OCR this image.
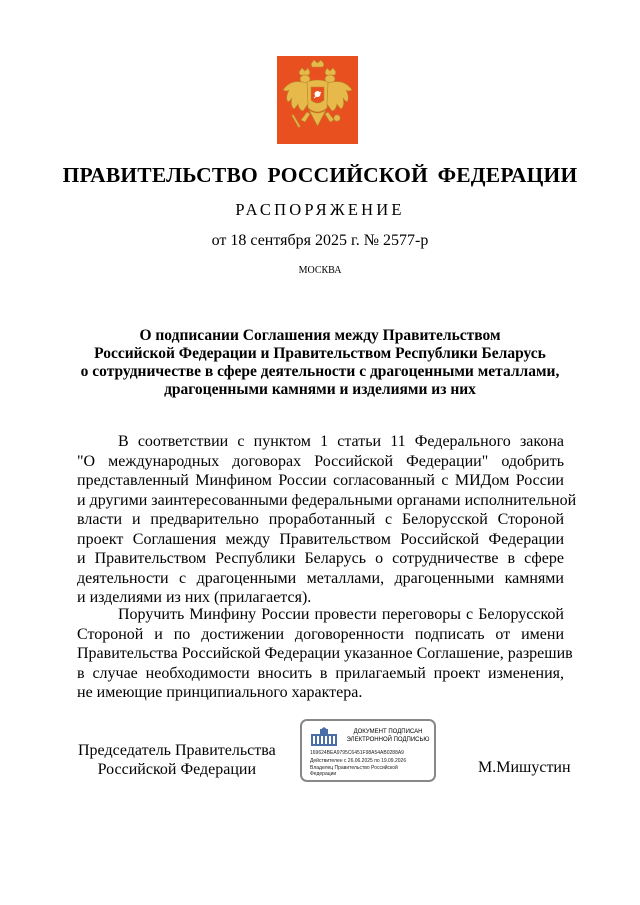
ПРАВИТЕЛЬСТВО РОССИЙСКОЙ ФЕДЕРАЦИИ
РАСПОРЯЖЕНИЕ
от 18 сентября 2025 г. № 2577-р
МОСКВА
О подписании Соглашения между Правительством
Российской Федерации и Правительством Республики Беларусь
о сотрудничестве в сфере деятельности с драгоценными металлами,
драгоценными камнями и изделиями из них
В соответствии с пунктом 1 статьи 11 Федерального закона
"О международных договорах Российской Федерации" одобрить
представленный Минфином России согласованный с МИДом России
и другими заинтересованными федеральными органами исполнительной
власти и предварительно проработанный с Белорусской Стороной
проект Соглашения между Правительством Российской Федерации
и Правительством Республики Беларусь о сотрудничестве в сфере
деятельности с драгоценными металлами, драгоценными камнями
и изделиями из них (прилагается).
Поручить Минфину России провести переговоры с Белорусской
Стороной и по достижении договоренности подписать от имени
Правительства Российской Федерации указанное Соглашение, разрешив
в случае необходимости вносить в прилагаемый проект изменения,
не имеющие принципиального характера.
Председатель Правительства
Российской Федерации
ДОКУМЕНТ ПОДПИСАН
ЭЛЕКТРОННОЙ ПОДПИСЬЮ
169624BEA9795C6451F98A54AB0288A9
Действителен с 26.06.2025 по 19.09.2026
Владелец Правительство Российской
Федерации	М.Мишустин
